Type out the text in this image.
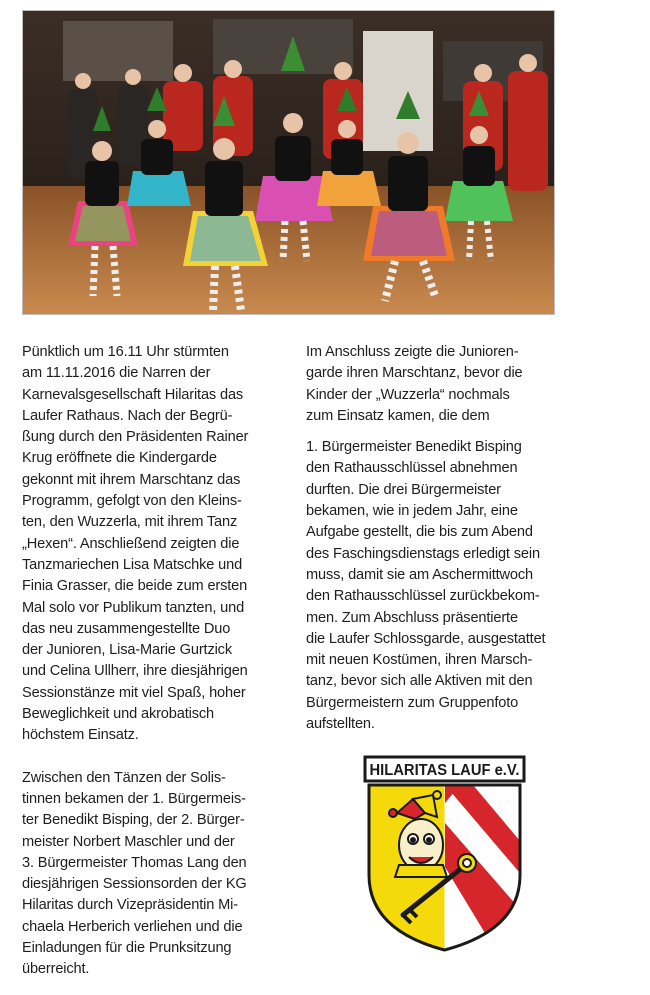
Pünktlich um 16.11 Uhr stürmten
am 11.11.2016 die Narren der
Karnevalsgesellschaft Hilaritas das
Laufer Rathaus. Nach der Begrü-
ßung durch den Präsidenten Rainer
Krug eröffnete die Kindergarde
gekonnt mit ihrem Marschtanz das
Programm, gefolgt von den Kleins-
ten, den Wuzzerla, mit ihrem Tanz
„Hexen“. Anschließend zeigten die
Tanzmariechen Lisa Matschke und
Finia Grasser, die beide zum ersten
Mal solo vor Publikum tanzten, und
das neu zusammengestellte Duo
der Junioren, Lisa-Marie Gurtzick
und Celina Ullherr, ihre diesjährigen
Sessionstänze mit viel Spaß, hoher
Beweglichkeit und akrobatisch
höchstem Einsatz.

Zwischen den Tänzen der Solis-
tinnen bekamen der 1. Bürgermeis-
ter Benedikt Bisping, der 2. Bürger-
meister Norbert Maschler und der
3. Bürgermeister Thomas Lang den
diesjährigen Sessionsorden der KG
Hilaritas durch Vizepräsidentin Mi-
chaela Herberich verliehen und die
Einladungen für die Prunksitzung
überreicht.

Im Anschluss zeigte die Junioren-
garde ihren Marschtanz, bevor die
Kinder der „Wuzzerla“ nochmals
zum Einsatz kamen, die dem

1. Bürgermeister Benedikt Bisping
den Rathausschlüssel abnehmen
durften. Die drei Bürgermeister
bekamen, wie in jedem Jahr, eine
Aufgabe gestellt, die bis zum Abend
des Faschingsdienstags erledigt sein
muss, damit sie am Aschermittwoch
den Rathausschlüssel zurückbekom-
men. Zum Abschluss präsentierte
die Laufer Schlossgarde, ausgestattet
mit neuen Kostümen, ihren Marsch-
tanz, bevor sich alle Aktiven mit den
Bürgermeistern zum Gruppenfoto
aufstellten.

HILARITAS LAUF e.V.
